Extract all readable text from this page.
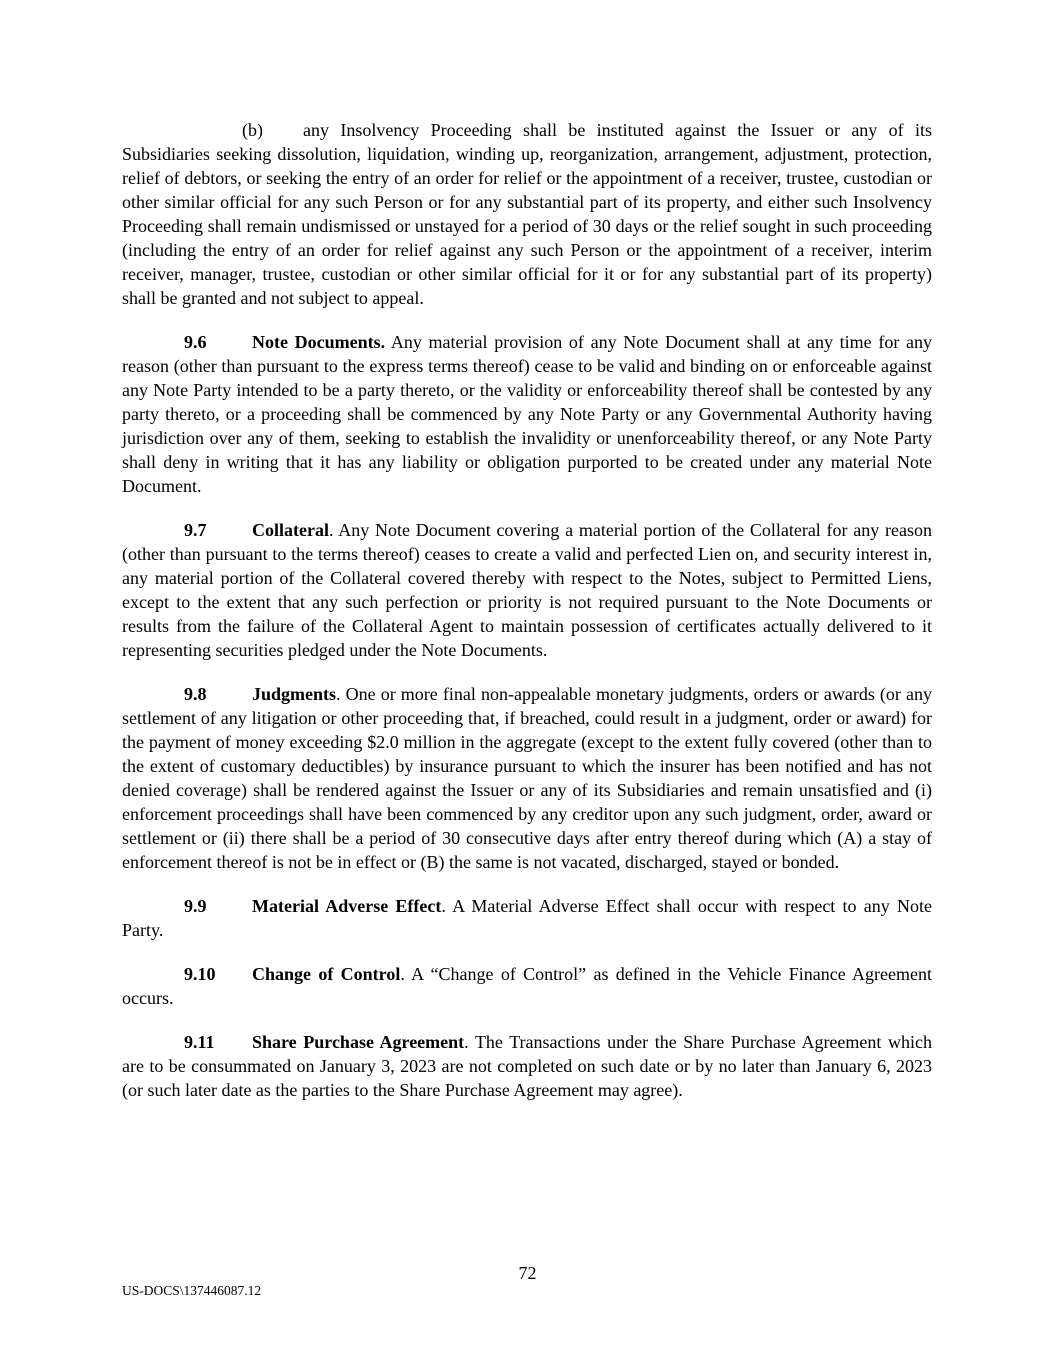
(b) any Insolvency Proceeding shall be instituted against the Issuer or any of its Subsidiaries seeking dissolution, liquidation, winding up, reorganization, arrangement, adjustment, protection, relief of debtors, or seeking the entry of an order for relief or the appointment of a receiver, trustee, custodian or other similar official for any such Person or for any substantial part of its property, and either such Insolvency Proceeding shall remain undismissed or unstayed for a period of 30 days or the relief sought in such proceeding (including the entry of an order for relief against any such Person or the appointment of a receiver, interim receiver, manager, trustee, custodian or other similar official for it or for any substantial part of its property) shall be granted and not subject to appeal.

9.6	Note Documents. Any material provision of any Note Document shall at any time for any reason (other than pursuant to the express terms thereof) cease to be valid and binding on or enforceable against any Note Party intended to be a party thereto, or the validity or enforceability thereof shall be contested by any party thereto, or a proceeding shall be commenced by any Note Party or any Governmental Authority having jurisdiction over any of them, seeking to establish the invalidity or unenforceability thereof, or any Note Party shall deny in writing that it has any liability or obligation purported to be created under any material Note Document.

9.7	Collateral. Any Note Document covering a material portion of the Collateral for any reason (other than pursuant to the terms thereof) ceases to create a valid and perfected Lien on, and security interest in, any material portion of the Collateral covered thereby with respect to the Notes, subject to Permitted Liens, except to the extent that any such perfection or priority is not required pursuant to the Note Documents or results from the failure of the Collateral Agent to maintain possession of certificates actually delivered to it representing securities pledged under the Note Documents.

9.8	Judgments. One or more final non-appealable monetary judgments, orders or awards (or any settlement of any litigation or other proceeding that, if breached, could result in a judgment, order or award) for the payment of money exceeding $2.0 million in the aggregate (except to the extent fully covered (other than to the extent of customary deductibles) by insurance pursuant to which the insurer has been notified and has not denied coverage) shall be rendered against the Issuer or any of its Subsidiaries and remain unsatisfied and (i) enforcement proceedings shall have been commenced by any creditor upon any such judgment, order, award or settlement or (ii) there shall be a period of 30 consecutive days after entry thereof during which (A) a stay of enforcement thereof is not be in effect or (B) the same is not vacated, discharged, stayed or bonded.

9.9	Material Adverse Effect. A Material Adverse Effect shall occur with respect to any Note Party.

9.10 Change of Control. A “Change of Control” as defined in the Vehicle Finance Agreement occurs.

9.11 Share Purchase Agreement. The Transactions under the Share Purchase Agreement which are to be consummated on January 3, 2023 are not completed on such date or by no later than January 6, 2023 (or such later date as the parties to the Share Purchase Agreement may agree).

72
US-DOCS\137446087.12
